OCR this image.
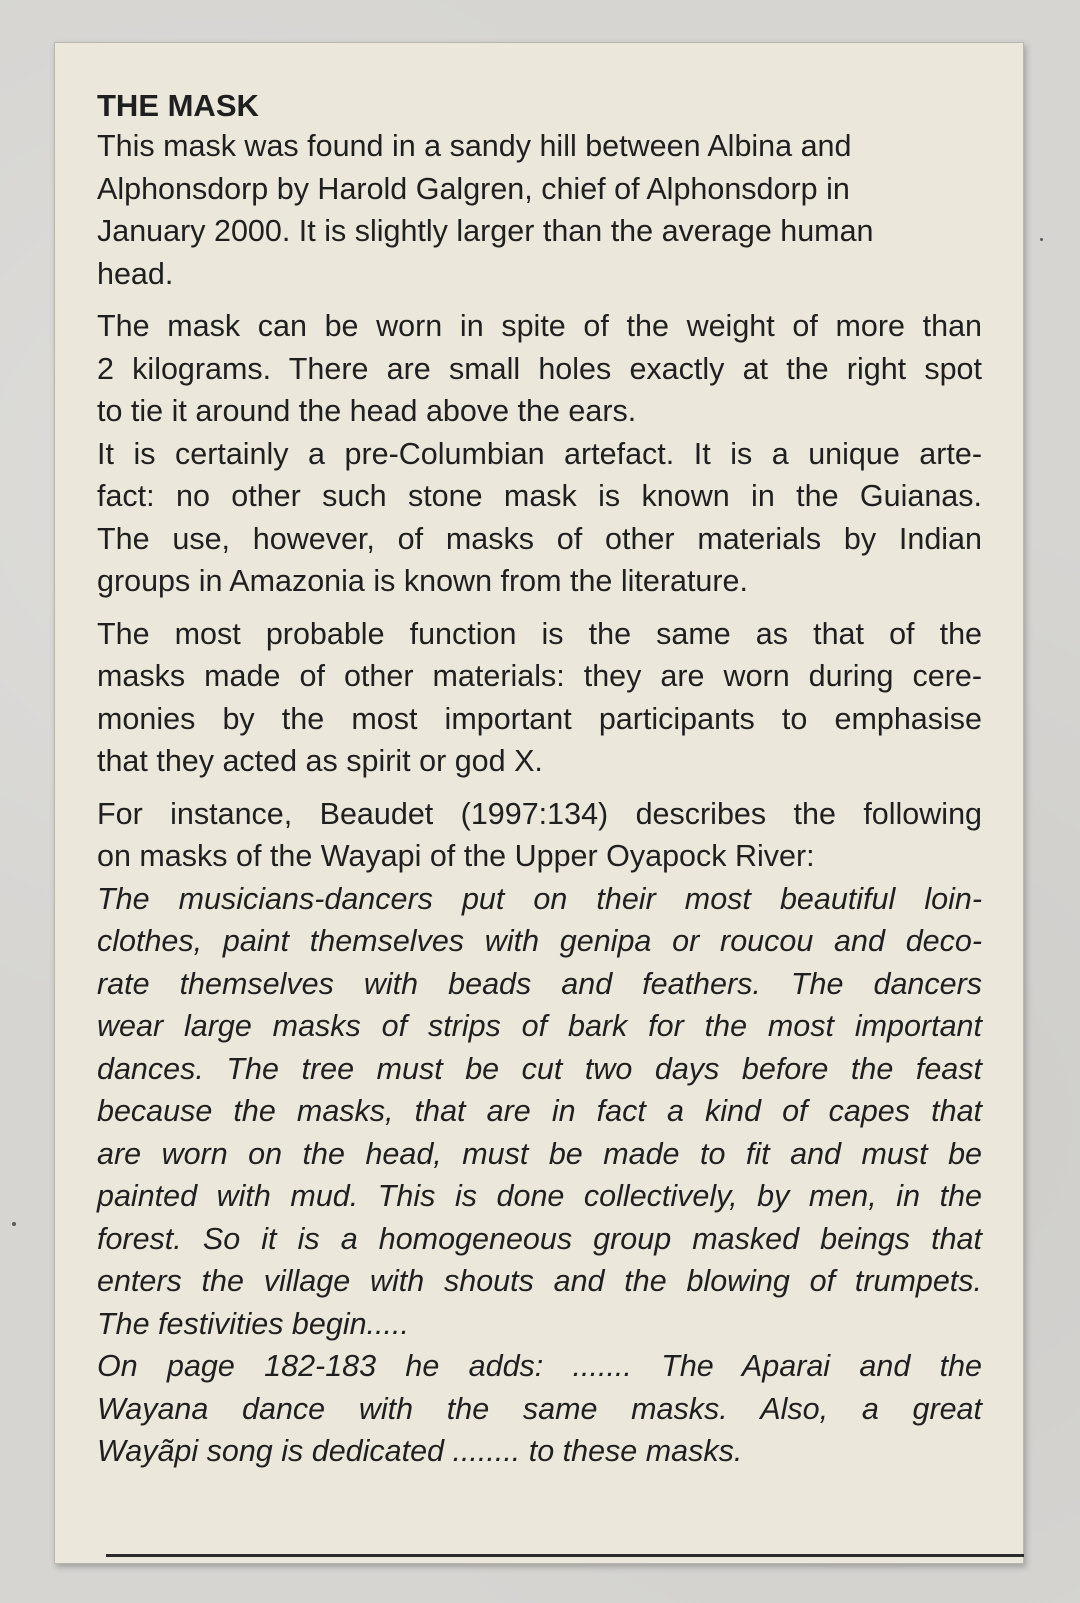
THE MASK
This mask was found in a sandy hill between Albina and
Alphonsdorp by Harold Galgren, chief of Alphonsdorp in
January 2000. It is slightly larger than the average human
head.
The mask can be worn in spite of the weight of more than
2 kilograms. There are small holes exactly at the right spot
to tie it around the head above the ears.
It is certainly a pre-Columbian artefact. It is a unique arte-
fact: no other such stone mask is known in the Guianas.
The use, however, of masks of other materials by Indian
groups in Amazonia is known from the literature.
The most probable function is the same as that of the
masks made of other materials: they are worn during cere-
monies by the most important participants to emphasise
that they acted as spirit or god X.
For instance, Beaudet (1997:134) describes the following
on masks of the Wayapi of the Upper Oyapock River:
The musicians-dancers put on their most beautiful loin-
clothes, paint themselves with genipa or roucou and deco-
rate themselves with beads and feathers. The dancers
wear large masks of strips of bark for the most important
dances. The tree must be cut two days before the feast
because the masks, that are in fact a kind of capes that
are worn on the head, must be made to fit and must be
painted with mud. This is done collectively, by men, in the
forest. So it is a homogeneous group masked beings that
enters the village with shouts and the blowing of trumpets.
The festivities begin.....
On page 182-183 he adds: ....... The Aparai and the
Wayana dance with the same masks. Also, a great
Wayãpi song is dedicated ........ to these masks.
